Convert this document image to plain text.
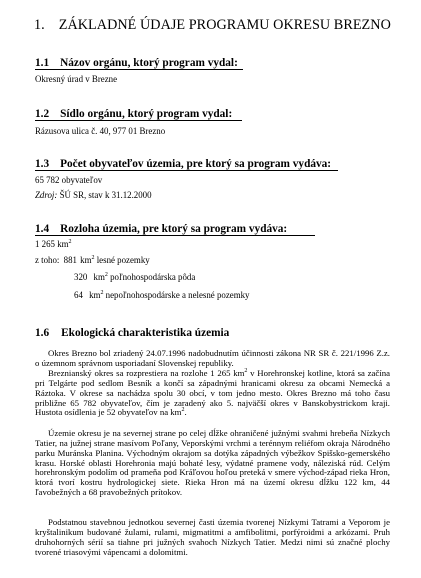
1. ZÁKLADNÉ ÚDAJE PROGRAMU OKRESU BREZNO
1.1 Názov orgánu, ktorý program vydal:
Okresný úrad v Brezne
1.2 Sídlo orgánu, ktorý program vydal:
Rázusova ulica č. 40, 977 01 Brezno
1.3 Počet obyvateľov územia, pre ktorý sa program vydáva:
65 782 obyvateľov
Zdroj: ŠÚ SR, stav k 31.12.2000
1.4 Rozloha územia, pre ktorý sa program vydáva:
1 265 $km^2$
z toho: 881 $km^2$ lesné pozemky
320 $km^2$ poľnohospodárska pôda
64 $km^2$ nepoľnohospodárske a nelesné pozemky
1.6 Ekologická charakteristika územia
Okres Brezno bol zriadený 24.07.1996 nadobudnutím účinnosti zákona NR SR č. 221/1996 Z.z. o územnom správnom usporiadaní Slovenskej republiky.
Breznianský okres sa rozprestiera na rozlohe 1 265 $km^2$ v Horehronskej kotline, ktorá sa začína pri Telgárte pod sedlom Besník a končí sa západnými hranicami okresu za obcami Nemecká a Ráztoka. V okrese sa nachádza spolu 30 obcí, v tom jedno mesto. Okres Brezno má toho času približne 65 782 obyvateľov, čím je zaradený ako 5. najväčší okres v Banskobystrickom kraji. Hustota osídlenia je 52 obyvateľov na $km^2$.
Územie okresu je na severnej strane po celej dĺžke ohraničené južnými svahmi hrebeňa Nízkych Tatier, na južnej strane masívom Poľany, Veporskými vrchmi a terénnym reliéfom okraja Národného parku Muránska Planina. Východným okrajom sa dotýka západných výbežkov Spišsko-gemerského krasu. Horské oblasti Horehronia majú bohaté lesy, výdatné pramene vody, náleziská rúd. Celým horehronským podolím od prameňa pod Kráľovou hoľou preteká v smere východ-západ rieka Hron, ktorá tvorí kostru hydrologickej siete. Rieka Hron má na území okresu dĺžku 122 km, 44 ľavobežných a 68 pravobežných prítokov.
Podstatnou stavebnou jednotkou severnej časti územia tvorenej Nízkymi Tatrami a Veporom je kryštalinikum budované žulami, rulami, migmatitmi a amfibolitmi, porfýroidmi a arkózami. Pruh druhohorných sérií sa tiahne pri južných svahoch Nízkych Tatier. Medzi nimi sú značné plochy tvorené triasovými vápencami a dolomitmi.
